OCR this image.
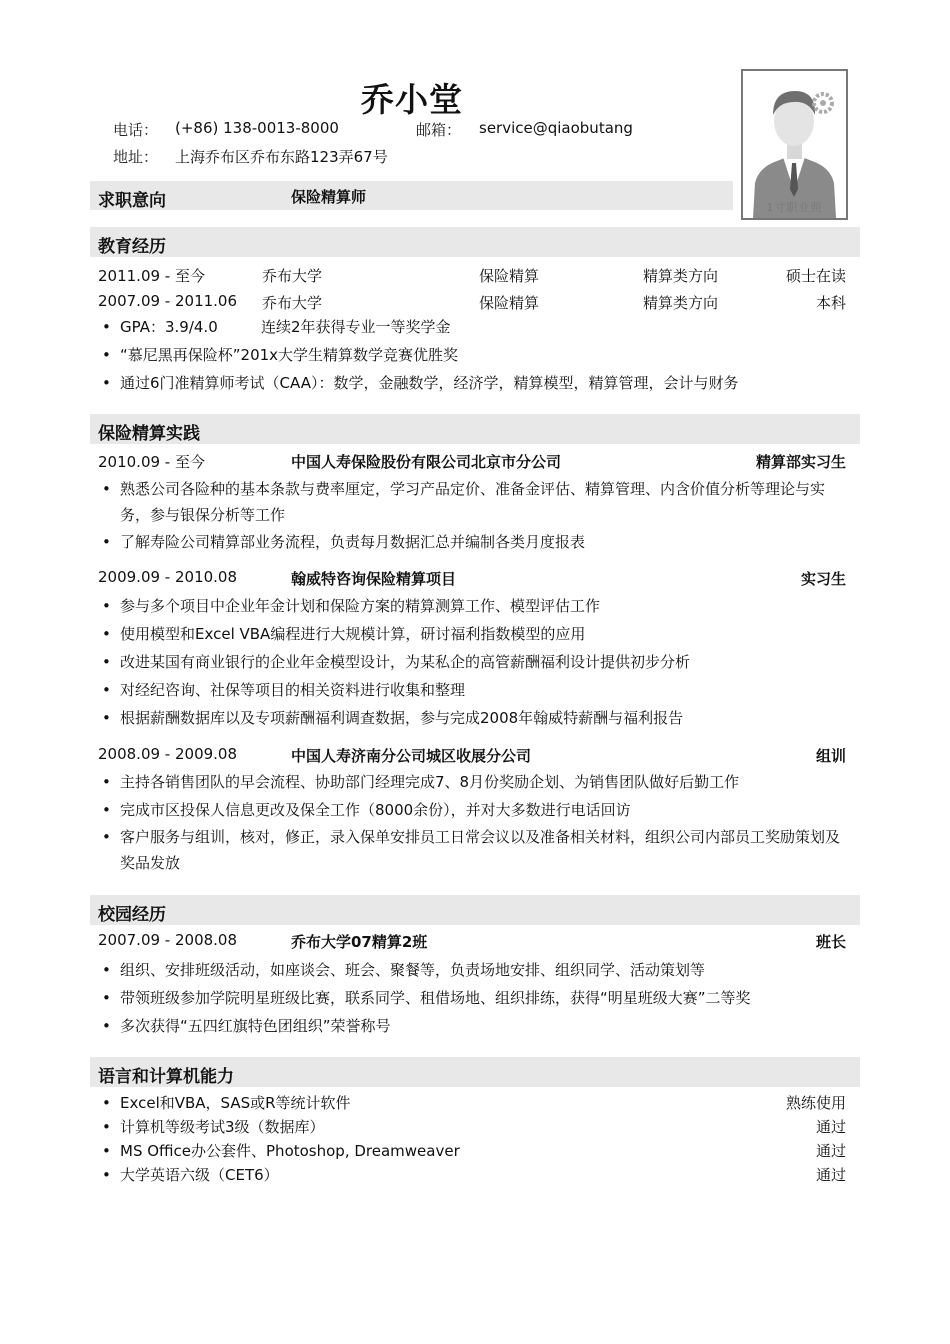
乔小堂
电话： (+86) 138-0013-8000	邮箱： service@qiaobutang
地址： 上海乔布区乔布东路123弄67号
1寸职业照
求职意向	保险精算师
教育经历
2011.09 - 至今	乔布大学	保险精算	精算类方向	硕士在读
2007.09 - 2011.06 乔布大学	保险精算	精算类方向	本科
• GPA：3.9/4.0	连续2年获得专业一等奖学金
• “慕尼黑再保险杯”201x大学生精算数学竞赛优胜奖
• 通过6门准精算师考试（CAA）：数学，金融数学，经济学，精算模型，精算管理，会计与财务
保险精算实践
2010.09 - 至今	中国人寿保险股份有限公司北京市分公司	精算部实习生
• 熟悉公司各险种的基本条款与费率厘定，学习产品定价、准备金评估、精算管理、内含价值分析等理论与实务，参与银保分析等工作
• 了解寿险公司精算部业务流程，负责每月数据汇总并编制各类月度报表
2009.09 - 2010.08	翰威特咨询保险精算项目	实习生
• 参与多个项目中企业年金计划和保险方案的精算测算工作、模型评估工作
• 使用模型和Excel VBA编程进行大规模计算，研讨福利指数模型的应用
• 改进某国有商业银行的企业年金模型设计，为某私企的高管薪酬福利设计提供初步分析
• 对经纪咨询、社保等项目的相关资料进行收集和整理
• 根据薪酬数据库以及专项薪酬福利调查数据，参与完成2008年翰威特薪酬与福利报告
2008.09 - 2009.08	中国人寿济南分公司城区收展分公司	组训
• 主持各销售团队的早会流程、协助部门经理完成7、8月份奖励企划、为销售团队做好后勤工作
• 完成市区投保人信息更改及保全工作（8000余份），并对大多数进行电话回访
• 客户服务与组训，核对，修正，录入保单安排员工日常会议以及准备相关材料，组织公司内部员工奖励策划及奖品发放
校园经历
2007.09 - 2008.08	乔布大学07精算2班	班长
• 组织、安排班级活动，如座谈会、班会、聚餐等，负责场地安排、组织同学、活动策划等
• 带领班级参加学院明星班级比赛，联系同学、租借场地、组织排练，获得“明星班级大赛”二等奖
• 多次获得“五四红旗特色团组织”荣誉称号
语言和计算机能力
• Excel和VBA，SAS或R等统计软件	熟练使用
• 计算机等级考试3级（数据库）	通过
• MS Office办公套件、Photoshop, Dreamweaver	通过
• 大学英语六级（CET6）	通过
